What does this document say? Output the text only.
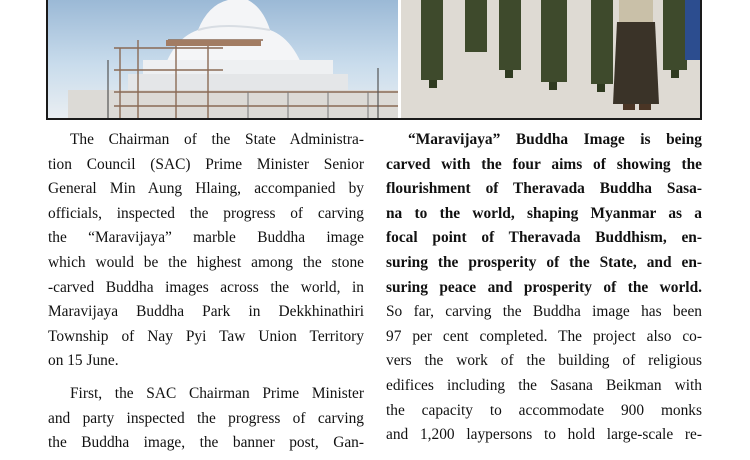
The Chairman of the State Administra-
tion Council (SAC) Prime Minister Senior
General Min Aung Hlaing, accompanied by
officials, inspected the progress of carving
the “Maravijaya” marble Buddha image
which would be the highest among the stone
-carved Buddha images across the world, in
Maravijaya Buddha Park in Dekkhinathiri
Township of Nay Pyi Taw Union Territory
on 15 June.

First, the SAC Chairman Prime Minister
and party inspected the progress of carving
the Buddha image, the banner post, Gan-

“Maravijaya” Buddha Image is being
carved with the four aims of showing the
flourishment of Theravada Buddha Sasa-
na to the world, shaping Myanmar as a
focal point of Theravada Buddhism, en-
suring the prosperity of the State, and en-
suring peace and prosperity of the world.
So far, carving the Buddha image has been
97 per cent completed. The project also co-
vers the work of the building of religious
edifices including the Sasana Beikman with
the capacity to accommodate 900 monks
and 1,200 laypersons to hold large-scale re-
